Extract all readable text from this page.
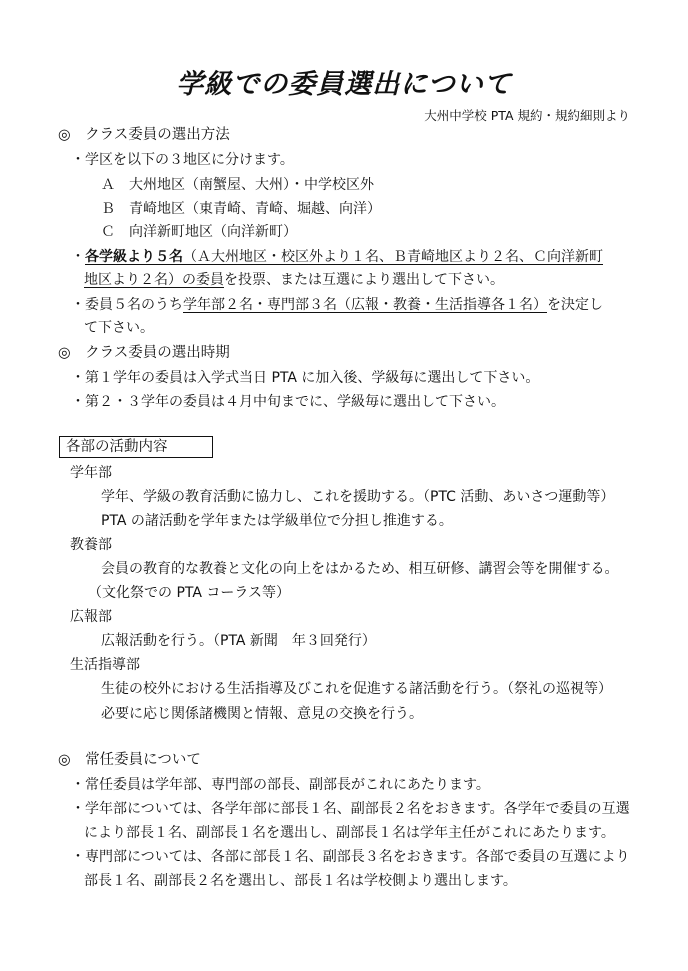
学級での委員選出について
大州中学校 PTA 規約・規約細則より
◎　クラス委員の選出方法
・学区を以下の３地区に分けます。
Ａ　大州地区（南蟹屋、大州）・中学校区外
Ｂ　青崎地区（東青崎、青崎、堀越、向洋）
Ｃ　向洋新町地区（向洋新町）
・各学級より５名（Ａ大州地区・校区外より１名、Ｂ青崎地区より２名、Ｃ向洋新町
地区より２名）の委員を投票、または互選により選出して下さい。
・委員５名のうち学年部２名・専門部３名（広報・教養・生活指導各１名）を決定し
て下さい。
◎　クラス委員の選出時期
・第１学年の委員は入学式当日 PTA に加入後、学級毎に選出して下さい。
・第２・３学年の委員は４月中旬までに、学級毎に選出して下さい。
各部の活動内容
学年部
学年、学級の教育活動に協力し、これを援助する。（PTC 活動、あいさつ運動等）
PTA の諸活動を学年または学級単位で分担し推進する。
教養部
会員の教育的な教養と文化の向上をはかるため、相互研修、講習会等を開催する。
（文化祭での PTA コーラス等）
広報部
広報活動を行う。（PTA 新聞　年３回発行）
生活指導部
生徒の校外における生活指導及びこれを促進する諸活動を行う。（祭礼の巡視等）
必要に応じ関係諸機関と情報、意見の交換を行う。
◎　常任委員について
・常任委員は学年部、専門部の部長、副部長がこれにあたります。
・学年部については、各学年部に部長１名、副部長２名をおきます。各学年で委員の互選
により部長１名、副部長１名を選出し、副部長１名は学年主任がこれにあたります。
・専門部については、各部に部長１名、副部長３名をおきます。各部で委員の互選により
部長１名、副部長２名を選出し、部長１名は学校側より選出します。
